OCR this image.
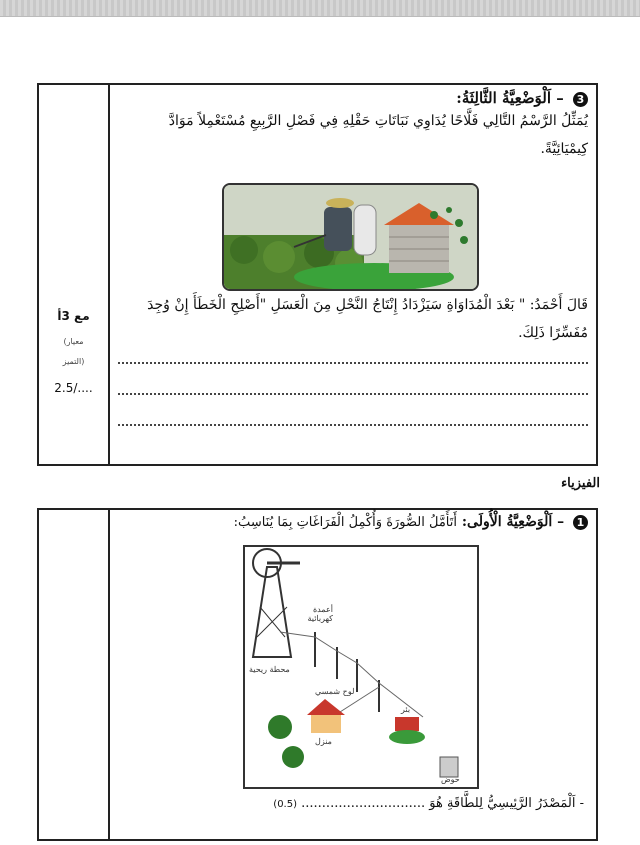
مع 3أ
(معيار
التميز)
2.5/....
3 – اَلْوَضْعِيَّةُ الثَّالِثَةُ:
يُمَثِّلُ الرَّسْمُ التَّالِي فَلَّاحًا يُدَاوِي نَبَاتَاتِ حَقْلِهِ فِي فَصْلِ الرَّبِيعِ مُسْتَعْمِلاً مَوَادَّ كِيمْيَائِيَّةً.
قَالَ أَحْمَدُ: " بَعْدَ الْمُدَاوَاةِ سَيَزْدَادُ إِنْتَاجُ النَّحْلِ مِنَ الْعَسَلِ "أَصْلِحِ الْخَطَأَ إِنْ وُجِدَ مُفَسِّرًا ذَلِكَ.
الفيزياء
1 – اَلْوَضْعِيَّةُ الْأُولَى: أَتَأَمَّلُ الصُّورَةَ وَأُكْمِلُ الْفَرَاغَاتِ بِمَا يُنَاسِبُ:
- اَلْمَصْدَرُ الرَّئِيسِيُّ لِلطَّاقَةِ هُوَ .............................. (0.5)
محطة ريحية
أعمدة كهربائية
لوح شمسي
منزل
بئر
حوض
